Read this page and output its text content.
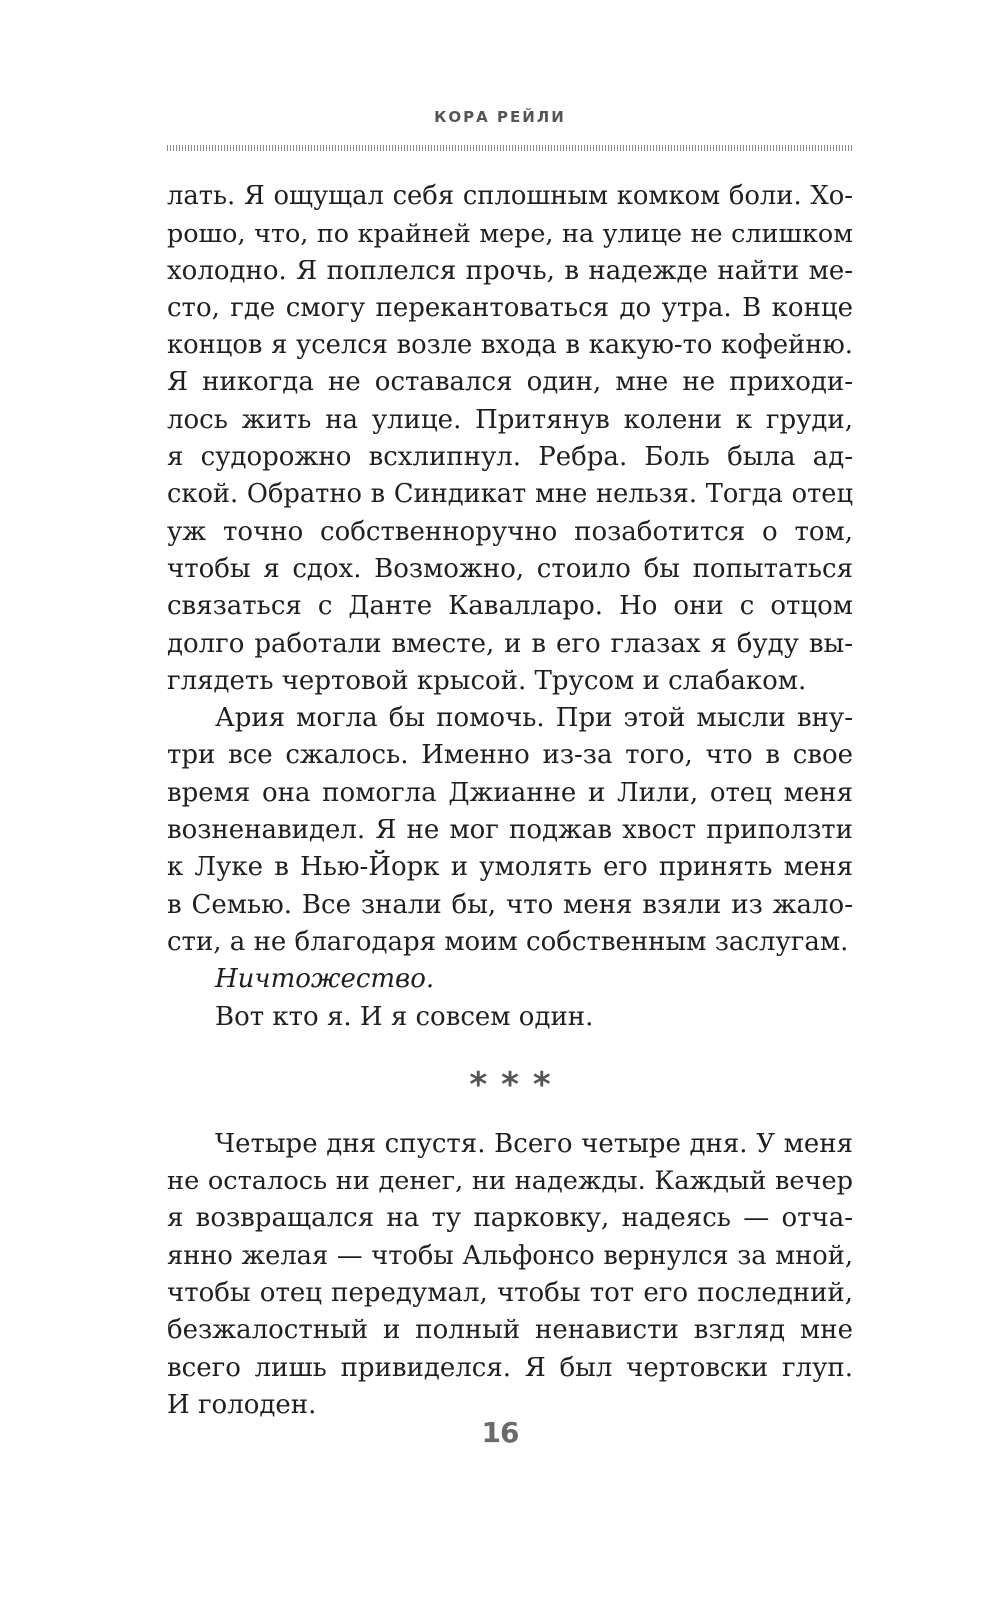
КОРА РЕЙЛИ
лать. Я ощущал себя сплошным комком боли. Хо-
рошо, что, по крайней мере, на улице не слишком
холодно. Я поплелся прочь, в надежде найти ме-
сто, где смогу перекантоваться до утра. В конце
концов я уселся возле входа в какую-то кофейню.
Я никогда не оставался один, мне не приходи-
лось жить на улице. Притянув колени к груди,
я судорожно всхлипнул. Ребра. Боль была ад-
ской. Обратно в Синдикат мне нельзя. Тогда отец
уж точно собственноручно позаботится о том,
чтобы я сдох. Возможно, стоило бы попытаться
связаться с Данте Кавалларо. Но они с отцом
долго работали вместе, и в его глазах я буду вы-
глядеть чертовой крысой. Трусом и слабаком.
Ария могла бы помочь. При этой мысли вну-
три все сжалось. Именно из-за того, что в свое
время она помогла Джианне и Лили, отец меня
возненавидел. Я не мог поджав хвост приползти
к Луке в Нью-Йорк и умолять его принять меня
в Семью. Все знали бы, что меня взяли из жало-
сти, а не благодаря моим собственным заслугам.
Ничтожество.
Вот кто я. И я совсем один.
***
Четыре дня спустя. Всего четыре дня. У меня
не осталось ни денег, ни надежды. Каждый вечер
я возвращался на ту парковку, надеясь — отча-
янно желая — чтобы Альфонсо вернулся за мной,
чтобы отец передумал, чтобы тот его последний,
безжалостный и полный ненависти взгляд мне
всего лишь привиделся. Я был чертовски глуп.
И голоден.
16
